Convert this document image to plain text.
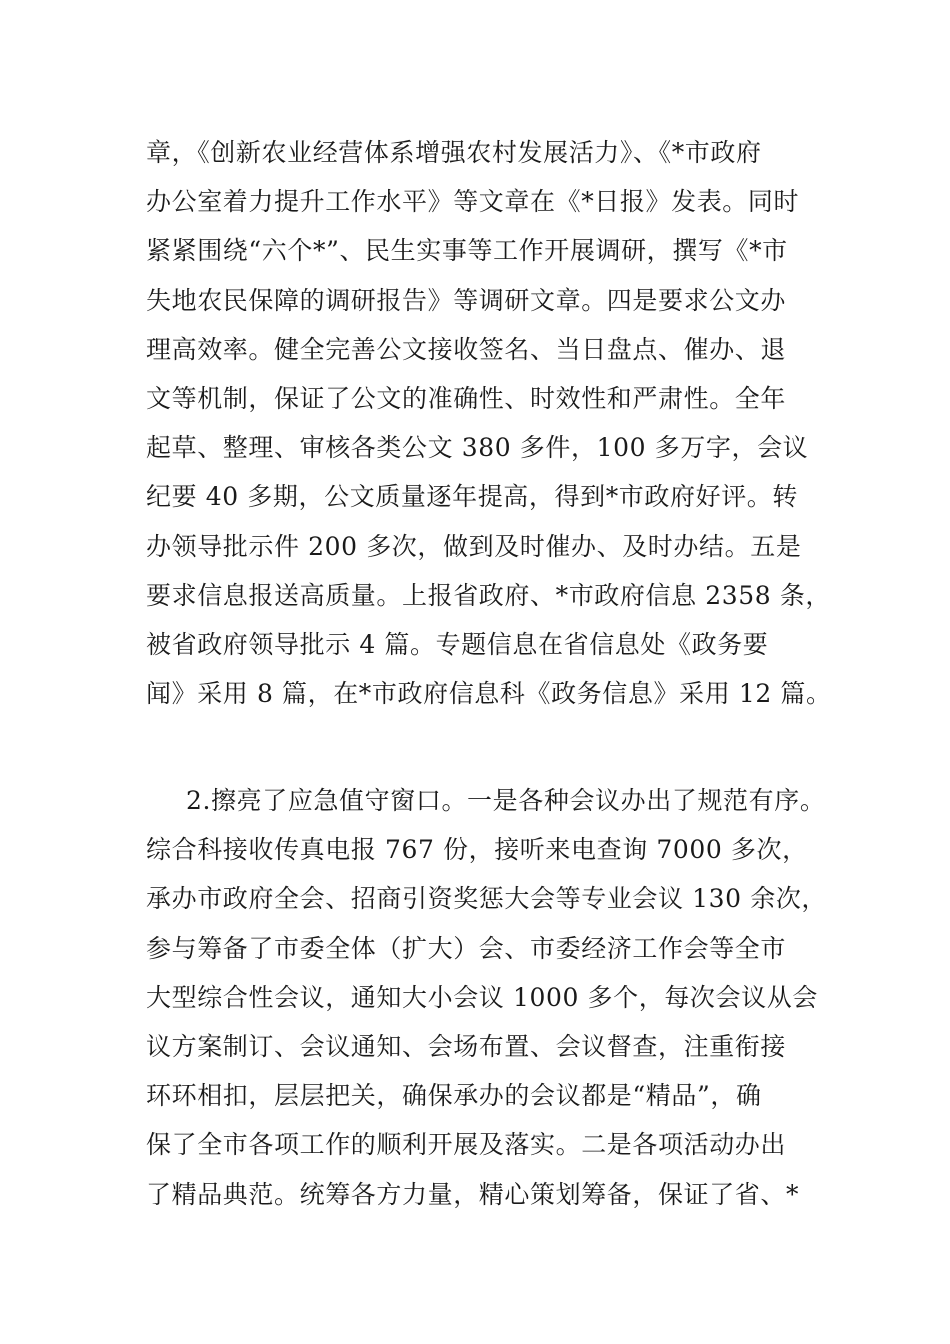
章，《创新农业经营体系增强农村发展活力》、《*市政府
办公室着力提升工作水平》等文章在《*日报》发表。同时
紧紧围绕“六个*”、民生实事等工作开展调研，撰写《*市
失地农民保障的调研报告》等调研文章。四是要求公文办
理高效率。健全完善公文接收签名、当日盘点、催办、退
文等机制，保证了公文的准确性、时效性和严肃性。全年
起草、整理、审核各类公文 380 多件，100 多万字，会议
纪要 40 多期，公文质量逐年提高，得到*市政府好评。转
办领导批示件 200 多次，做到及时催办、及时办结。五是
要求信息报送高质量。上报省政府、*市政府信息 2358 条，
被省政府领导批示 4 篇。专题信息在省信息处《政务要
闻》采用 8 篇，在*市政府信息科《政务信息》采用 12 篇。
2.擦亮了应急值守窗口。一是各种会议办出了规范有序。
综合科接收传真电报 767 份，接听来电查询 7000 多次，
承办市政府全会、招商引资奖惩大会等专业会议 130 余次，
参与筹备了市委全体（扩大）会、市委经济工作会等全市
大型综合性会议，通知大小会议 1000 多个，每次会议从会
议方案制订、会议通知、会场布置、会议督查，注重衔接
环环相扣，层层把关，确保承办的会议都是“精品”，确
保了全市各项工作的顺利开展及落实。二是各项活动办出
了精品典范。统筹各方力量，精心策划筹备，保证了省、*
